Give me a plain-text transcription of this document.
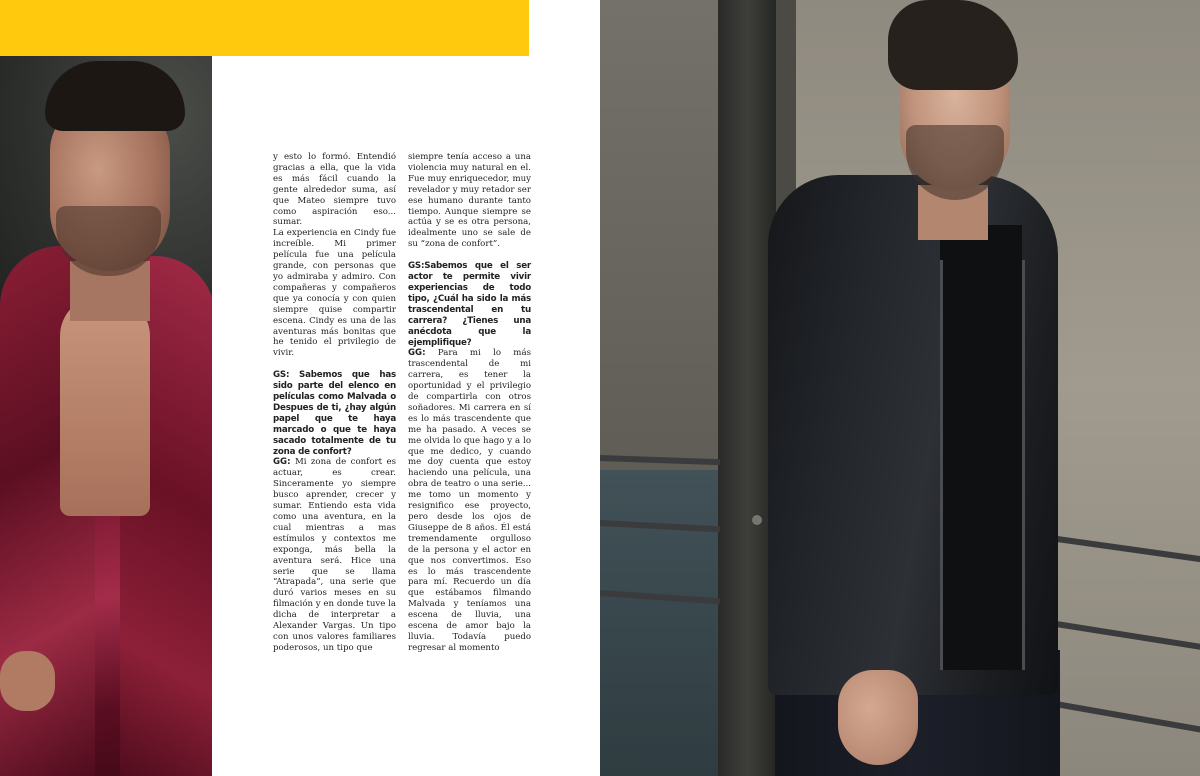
y esto lo formó. Entendió gracias a ella, que la vida es más fácil cuando la gente alrededor suma, así que Mateo siempre tuvo como aspiración eso... sumar.
La experiencia en Cindy fue increíble. Mi primer película fue una película grande, con personas que yo admiraba y admiro. Con compañeras y compañeros que ya conocía y con quien siempre quise compartir escena. Cindy es una de las aventuras más bonitas que he tenido el privilegio de vivir.

GS: Sabemos que has sido parte del elenco en películas como Malvada o Despues de ti, ¿hay algún papel que te haya marcado o que te haya sacado totalmente de tu zona de confort?

GG: Mi zona de confort es actuar, es crear. Sinceramente yo siempre busco aprender, crecer y sumar. Entiendo esta vida como una aventura, en la cual mientras a mas estímulos y contextos me exponga, más bella la aventura será. Hice una serie que se llama “Atrapada”, una serie que duró varios meses en su filmación y en donde tuve la dicha de interpretar a Alexander Vargas. Un tipo con unos valores familiares poderosos, un tipo que

siempre tenía acceso a una violencia muy natural en el. Fue muy enriquecedor, muy revelador y muy retador ser ese humano durante tanto tiempo. Aunque siempre se actúa y se es otra persona, idealmente uno se sale de su “zona de confort”.

GS:Sabemos que el ser actor te permite vivir experiencias de todo tipo, ¿Cuál ha sido la más trascendental en tu carrera? ¿Tienes una anécdota que la ejemplifique?

GG: Para mi lo más trascendental de mi carrera, es tener la oportunidad y el privilegio de compartirla con otros soñadores. Mi carrera en sí es lo más trascendente que me ha pasado. A veces se me olvida lo que hago y a lo que me dedico, y cuando me doy cuenta que estoy haciendo una película, una obra de teatro o una serie... me tomo un momento y resignifico ese proyecto, pero desde los ojos de Giuseppe de 8 años. Él está tremendamente orgulloso de la persona y el actor en que nos convertimos. Eso es lo más trascendente para mí. Recuerdo un día que estábamos filmando Malvada y teníamos una escena de lluvia, una escena de amor bajo la lluvia. Todavía puedo regresar al momento
